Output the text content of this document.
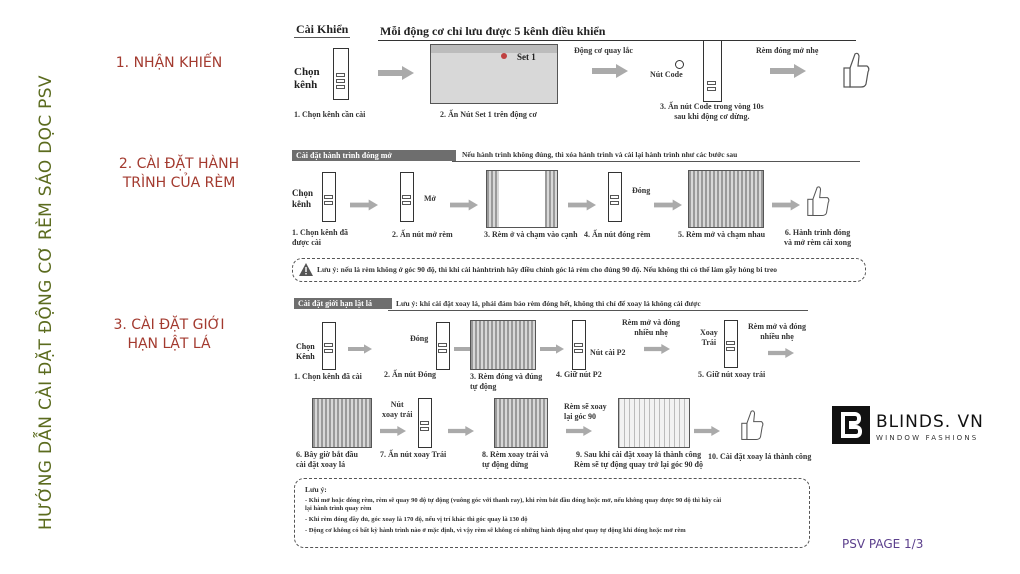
HƯỚNG DẪN CÀI ĐẶT ĐỘNG CƠ RÈM SÁO DỌC PSV
1. NHẬN KHIẾN
2. CÀI ĐẶT HÀNH
TRÌNH CỦA RÈM
3. CÀI ĐẶT GIỚI
HẠN LẬT LÁ
Cài Khiển	Mỗi động cơ chỉ lưu được 5 kênh điều khiển
Chọn
kênh
1. Chọn kênh cần cài
Set 1
2. Ấn Nút Set 1 trên động cơ
Động cơ quay lắc
Nút Code
3. Ấn nút Code trong vòng 10s
sau khi động cơ dừng.
Rèm đóng mở nhẹ
Cài đặt hành trình đóng mở	Nếu hành trình không đúng, thì xóa hành trình và cài lại hành trình như các bước sau
Chọn
kênh
1. Chọn kênh đã
được cài
Mở
2. Ấn nút mở rèm	3. Rèm ở và chạm vào cạnh
Đóng
4. Ấn nút đóng rèm	5. Rèm mở và chạm nhau 6. Hành trình đóng
và mở rèm cài xong
Lưu ý: nếu là rèm không ở góc 90 độ, thì khi cài hànhtrình hãy điều chỉnh góc lá rèm cho đúng 90 độ. Nếu không thì có thể làm gẫy hỏng bi treo
Cài đặt giới hạn lật lá	Lưu ý: khi cài đặt xoay lá, phải đảm bảo rèm đóng hết, không thì chỉ để xoay lá không cài được
Chọn
Kênh
1. Chọn kênh đã cài
Đóng
2. Ấn nút Đóng	3. Rèm đóng và đúng
tự động
Nút cài P2
4. Giữ nút P2
Rèm mở và đóng
nhiều nhẹ	Xoay
Trái
5. Giữ nút xoay trái
Rèm mở và đóng
nhiều nhẹ
6. Bây giờ bắt đầu
cài đặt xoay lá
Nút
xoay trái
7. Ấn nút xoay Trái	8. Rèm xoay trái và
tự động dừng
Rèm sẽ xoay
lại góc 90
9. Sau khi cài đặt xoay lá thành công
Rèm sẽ tự động quay trở lại góc 90 độ
10. Cài đặt xoay lá thành công
Lưu ý:
- Khi mở hoặc đóng rèm, rèm sẽ quay 90 độ tự động (vuông góc với thanh ray), khi rèm bắt đầu đóng hoặc mở, nếu không quay được 90 độ thì hãy cài
lại hành trình quay rèm
- Khi rèm đóng đầy đủ, góc xoay là 170 độ, nếu vị trí khác thì góc quay là 130 độ
- Động cơ không có bất kỳ hành trình nào ở mặc định, vì vậy rèm sẽ không có những hành động như quay tự động khi đóng hoặc mở rèm
BLINDS. VN
WINDOW FASHIONS
PSV PAGE 1/3
